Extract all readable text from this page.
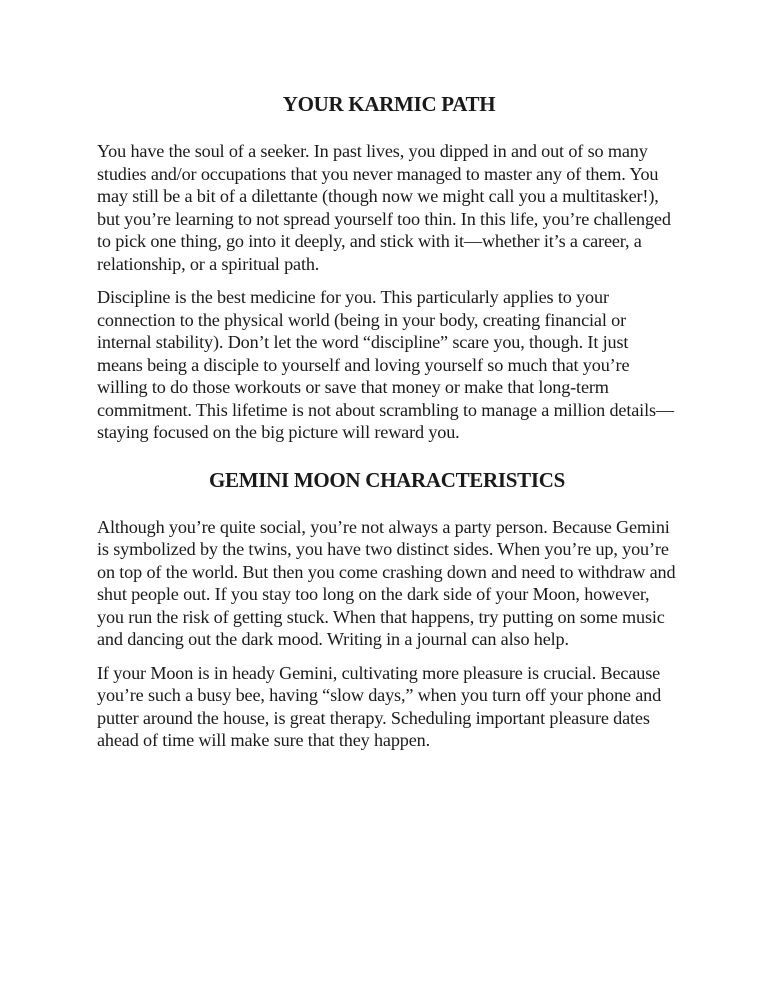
YOUR KARMIC PATH

You have the soul of a seeker. In past lives, you dipped in and out of so many studies and/or occupations that you never managed to master any of them. You may still be a bit of a dilettante (though now we might call you a multitasker!), but you’re learning to not spread yourself too thin. In this life, you’re challenged to pick one thing, go into it deeply, and stick with it—whether it’s a career, a relationship, or a spiritual path.

Discipline is the best medicine for you. This particularly applies to your connection to the physical world (being in your body, creating financial or internal stability). Don’t let the word “discipline” scare you, though. It just means being a disciple to yourself and loving yourself so much that you’re willing to do those workouts or save that money or make that long-term commitment. This lifetime is not about scrambling to manage a million details—staying focused on the big picture will reward you.

GEMINI MOON CHARACTERISTICS

Although you’re quite social, you’re not always a party person. Because Gemini is symbolized by the twins, you have two distinct sides. When you’re up, you’re on top of the world. But then you come crashing down and need to withdraw and shut people out. If you stay too long on the dark side of your Moon, however, you run the risk of getting stuck. When that happens, try putting on some music and dancing out the dark mood. Writing in a journal can also help.

If your Moon is in heady Gemini, cultivating more pleasure is crucial. Because you’re such a busy bee, having “slow days,” when you turn off your phone and putter around the house, is great therapy. Scheduling important pleasure dates ahead of time will make sure that they happen.
